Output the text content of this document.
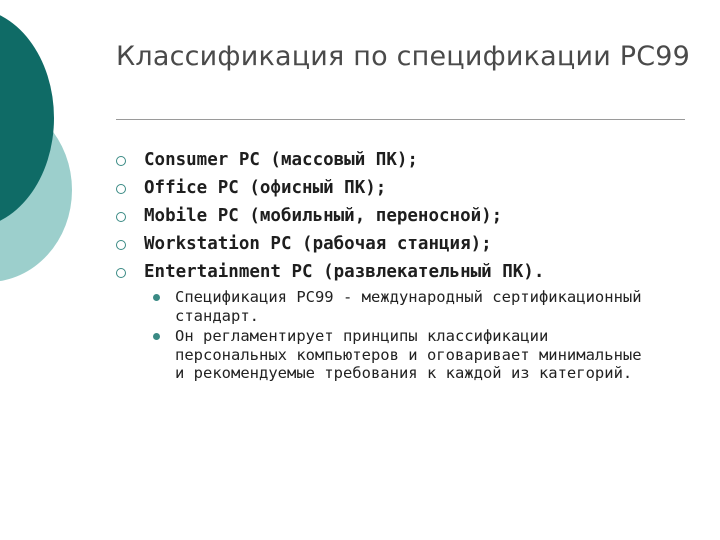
Классификация по спецификации PC99
Consumer PC (массовый ПК);
Office PC (офисный ПК);
Mobile PC (мобильный, переносной);
Workstation PC (рабочая станция);
Entertainment PC (развлекательный ПК).
Спецификация PC99 - международный сертификационный стандарт.
Он регламентирует принципы классификации персональных компьютеров и оговаривает минимальные и рекомендуемые требования к каждой из категорий.
